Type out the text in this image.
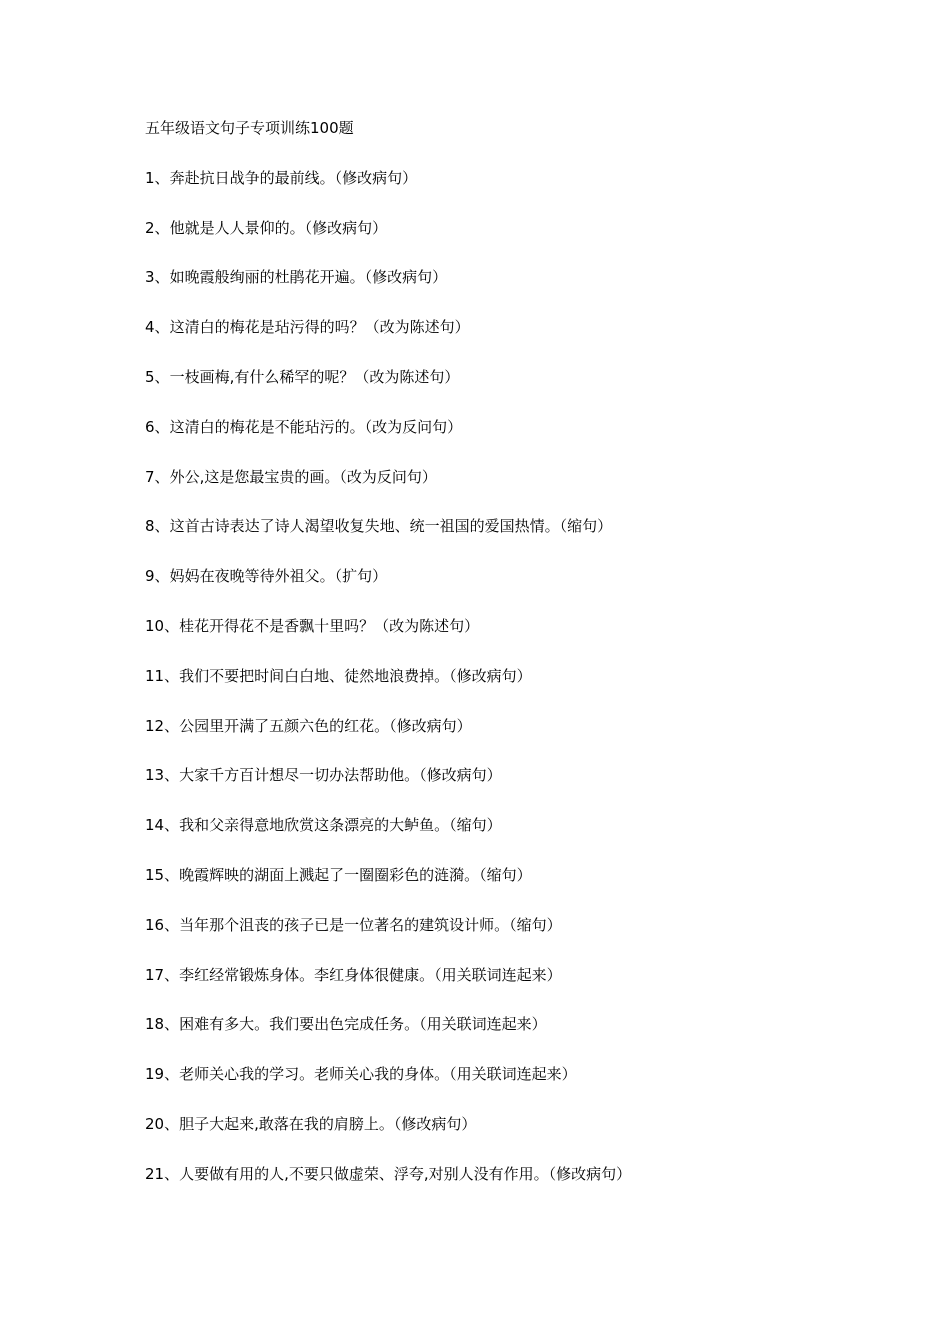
五年级语文句子专项训练100题
1、奔赴抗日战争的最前线。（修改病句）
2、他就是人人景仰的。（修改病句）
3、如晚霞般绚丽的杜鹃花开遍。（修改病句）
4、这清白的梅花是玷污得的吗？（改为陈述句）
5、一枝画梅,有什么稀罕的呢？（改为陈述句）
6、这清白的梅花是不能玷污的。（改为反问句）
7、外公,这是您最宝贵的画。（改为反问句）
8、这首古诗表达了诗人渴望收复失地、统一祖国的爱国热情。（缩句）
9、妈妈在夜晚等待外祖父。（扩句）
10、桂花开得花不是香飘十里吗？（改为陈述句）
11、我们不要把时间白白地、徒然地浪费掉。（修改病句）
12、公园里开满了五颜六色的红花。（修改病句）
13、大家千方百计想尽一切办法帮助他。（修改病句）
14、我和父亲得意地欣赏这条漂亮的大鲈鱼。（缩句）
15、晚霞辉映的湖面上溅起了一圈圈彩色的涟漪。（缩句）
16、当年那个沮丧的孩子已是一位著名的建筑设计师。（缩句）
17、李红经常锻炼身体。李红身体很健康。（用关联词连起来）
18、困难有多大。我们要出色完成任务。（用关联词连起来）
19、老师关心我的学习。老师关心我的身体。（用关联词连起来）
20、胆子大起来,敢落在我的肩膀上。（修改病句）
21、人要做有用的人,不要只做虚荣、浮夸,对别人没有作用。（修改病句）
